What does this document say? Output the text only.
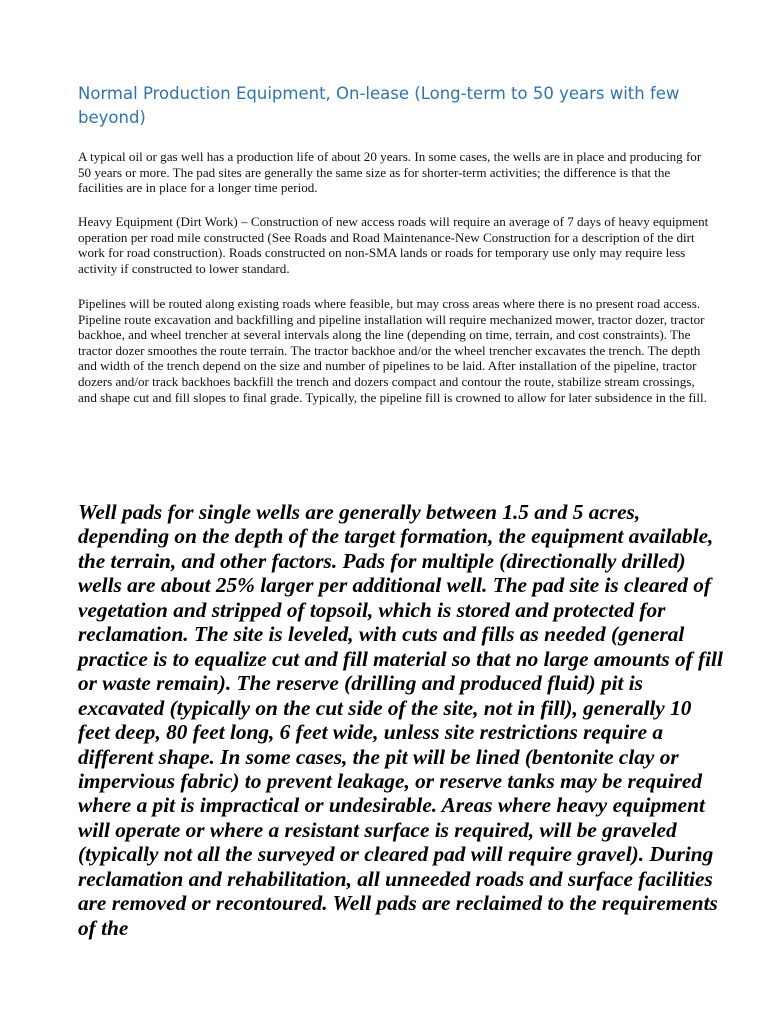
Normal Production Equipment, On-lease (Long-term to 50 years with few beyond)

A typical oil or gas well has a production life of about 20 years. In some cases, the wells are in place and producing for 50 years or more. The pad sites are generally the same size as for shorter-term activities; the difference is that the facilities are in place for a longer time period.

Heavy Equipment (Dirt Work) – Construction of new access roads will require an average of 7 days of heavy equipment operation per road mile constructed (See Roads and Road Maintenance-New Construction for a description of the dirt work for road construction). Roads constructed on non-SMA lands or roads for temporary use only may require less activity if constructed to lower standard.

Pipelines will be routed along existing roads where feasible, but may cross areas where there is no present road access. Pipeline route excavation and backfilling and pipeline installation will require mechanized mower, tractor dozer, tractor backhoe, and wheel trencher at several intervals along the line (depending on time, terrain, and cost constraints). The tractor dozer smoothes the route terrain. The tractor backhoe and/or the wheel trencher excavates the trench. The depth and width of the trench depend on the size and number of pipelines to be laid. After installation of the pipeline, tractor dozers and/or track backhoes backfill the trench and dozers compact and contour the route, stabilize stream crossings, and shape cut and fill slopes to final grade. Typically, the pipeline fill is crowned to allow for later subsidence in the fill.

Well pads for single wells are generally between 1.5 and 5 acres, depending on the depth of the target formation, the equipment available, the terrain, and other factors. Pads for multiple (directionally drilled) wells are about 25% larger per additional well. The pad site is cleared of vegetation and stripped of topsoil, which is stored and protected for reclamation. The site is leveled, with cuts and fills as needed (general practice is to equalize cut and fill material so that no large amounts of fill or waste remain). The reserve (drilling and produced fluid) pit is excavated (typically on the cut side of the site, not in fill), generally 10 feet deep, 80 feet long, 6 feet wide, unless site restrictions require a different shape. In some cases, the pit will be lined (bentonite clay or impervious fabric) to prevent leakage, or reserve tanks may be required where a pit is impractical or undesirable. Areas where heavy equipment will operate or where a resistant surface is required, will be graveled (typically not all the surveyed or cleared pad will require gravel). During reclamation and rehabilitation, all unneeded roads and surface facilities are removed or recontoured. Well pads are reclaimed to the requirements of the
